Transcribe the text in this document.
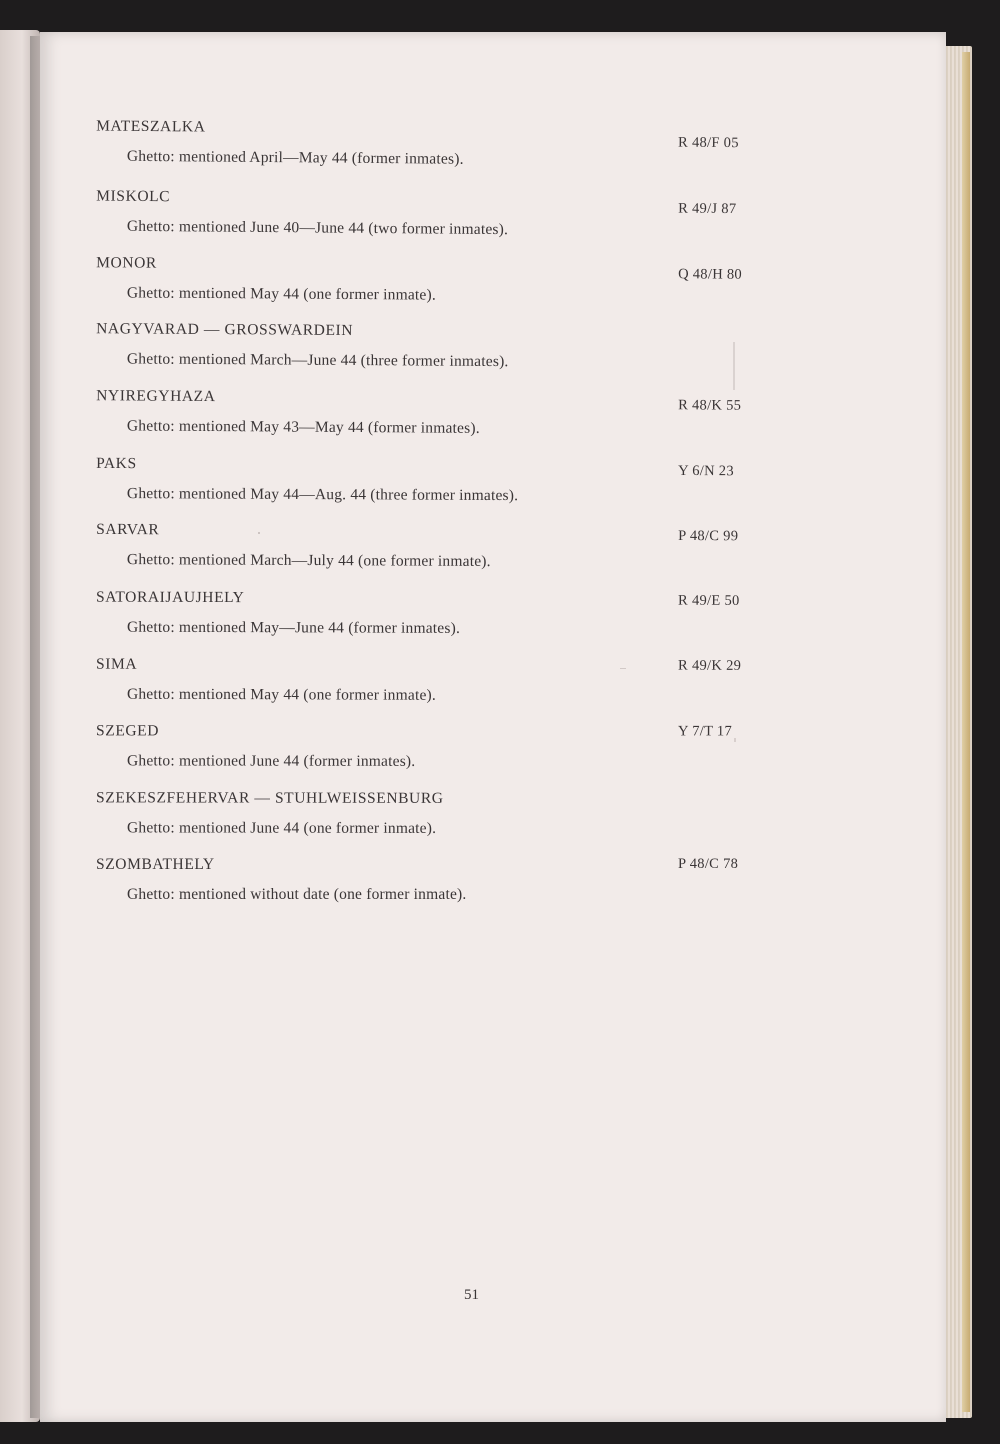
MATESZALKA
Ghetto: mentioned April—May 44 (former inmates).
R 48/F 05
MISKOLC
Ghetto: mentioned June 40—June 44 (two former inmates).
R 49/J 87
MONOR
Ghetto: mentioned May 44 (one former inmate).
Q 48/H 80
NAGYVARAD — GROSSWARDEIN
Ghetto: mentioned March—June 44 (three former inmates).
NYIREGYHAZA
Ghetto: mentioned May 43—May 44 (former inmates).
R 48/K 55
PAKS
Ghetto: mentioned May 44—Aug. 44 (three former inmates).
Y 6/N 23
SARVAR
Ghetto: mentioned March—July 44 (one former inmate).
P 48/C 99
SATORAIJAUJHELY
Ghetto: mentioned May—June 44 (former inmates).
R 49/E 50
SIMA
Ghetto: mentioned May 44 (one former inmate).
R 49/K 29
SZEGED
Ghetto: mentioned June 44 (former inmates).
Y 7/T 17
SZEKESZFEHERVAR — STUHLWEISSENBURG
Ghetto: mentioned June 44 (one former inmate).
SZOMBATHELY
Ghetto: mentioned without date (one former inmate).
P 48/C 78
51
